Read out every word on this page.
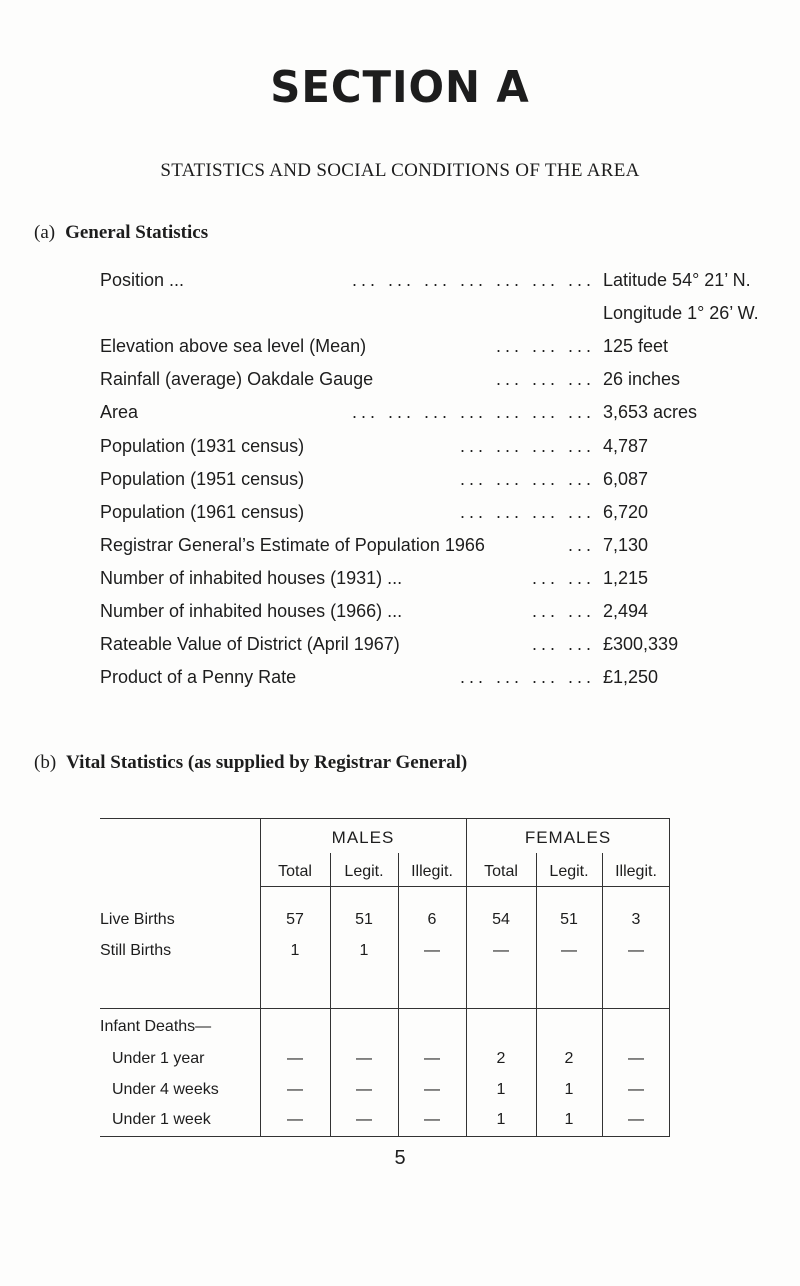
SECTION A
STATISTICS AND SOCIAL CONDITIONS OF THE AREA
(a) General Statistics
Position ...	... ... ... ... ... ... ... Latitude 54° 21’ N.
Longitude 1° 26’ W.
Elevation above sea level (Mean)	... ... ... 125 feet
Rainfall (average) Oakdale Gauge	... ... ... 26 inches
Area	... ... ... ... ... ... ... 3,653 acres
Population (1931 census)	... ... ... ... 4,787
Population (1951 census)	... ... ... ... 6,087
Population (1961 census)	... ... ... ... 6,720
Registrar General’s Estimate of Population 1966	... 7,130
Number of inhabited houses (1931) ...	... ... 1,215
Number of inhabited houses (1966) ...	... ... 2,494
Rateable Value of District (April 1967)	... ... £300,339
Product of a Penny Rate	... ... ... ... £1,250
(b) Vital Statistics (as supplied by Registrar General)
MALES	FEMALES
Total	Legit.	Illegit.	Total	Legit.	Illegit.
Live Births	57	51	6	54	51	3
Still Births	1	1	—	—	—	—
Infant Deaths—
Under 1 year	—	—	—	2	2	—
Under 4 weeks	—	—	—	1	1	—
Under 1 week	—	—	—	1	1	—
5
